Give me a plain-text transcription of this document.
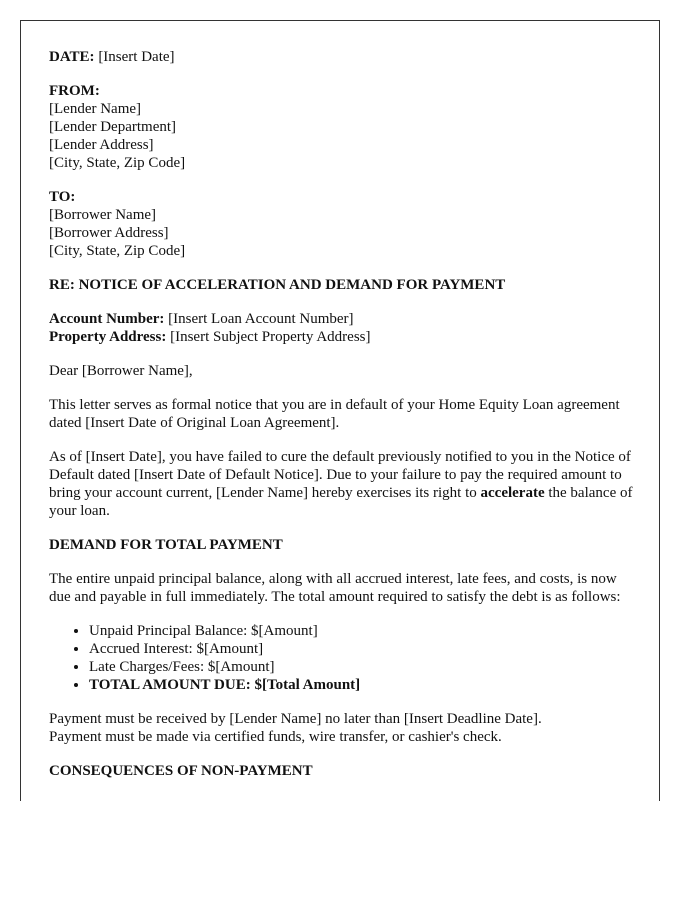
DATE: [Insert Date]

FROM:
[Lender Name]
[Lender Department]
[Lender Address]
[City, State, Zip Code]

TO:
[Borrower Name]
[Borrower Address]
[City, State, Zip Code]

RE: NOTICE OF ACCELERATION AND DEMAND FOR PAYMENT

Account Number: [Insert Loan Account Number]
Property Address: [Insert Subject Property Address]

Dear [Borrower Name],

This letter serves as formal notice that you are in default of your Home Equity Loan agreement dated [Insert Date of Original Loan Agreement].

As of [Insert Date], you have failed to cure the default previously notified to you in the Notice of Default dated [Insert Date of Default Notice]. Due to your failure to pay the required amount to bring your account current, [Lender Name] hereby exercises its right to accelerate the balance of your loan.

DEMAND FOR TOTAL PAYMENT

The entire unpaid principal balance, along with all accrued interest, late fees, and costs, is now due and payable in full immediately. The total amount required to satisfy the debt is as follows:

• Unpaid Principal Balance: $[Amount]
• Accrued Interest: $[Amount]
• Late Charges/Fees: $[Amount]
• TOTAL AMOUNT DUE: $[Total Amount]

Payment must be received by [Lender Name] no later than [Insert Deadline Date].
Payment must be made via certified funds, wire transfer, or cashier's check.

CONSEQUENCES OF NON-PAYMENT
